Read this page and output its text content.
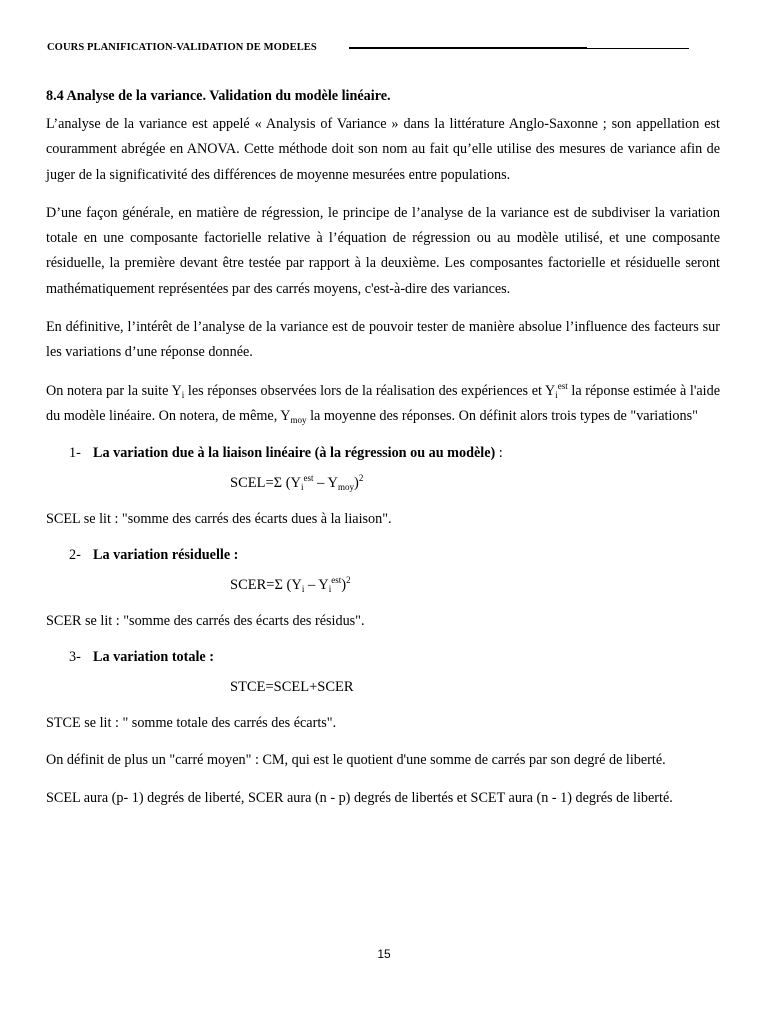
COURS PLANIFICATION-VALIDATION DE MODELES
8.4 Analyse de la variance. Validation du modèle linéaire.

L’analyse de la variance est appelé « Analysis of Variance » dans la littérature Anglo-Saxonne ; son appellation est couramment abrégée en ANOVA. Cette méthode doit son nom au fait qu’elle utilise des mesures de variance afin de juger de la significativité des différences de moyenne mesurées entre populations.

D’une façon générale, en matière de régression, le principe de l’analyse de la variance est de subdiviser la variation totale en une composante factorielle relative à l’équation de régression ou au modèle utilisé, et une composante résiduelle, la première devant être testée par rapport à la deuxième. Les composantes factorielle et résiduelle seront mathématiquement représentées par des carrés moyens, c'est-à-dire des variances.

En définitive, l’intérêt de l’analyse de la variance est de pouvoir tester de manière absolue l’influence des facteurs sur les variations d’une réponse donnée.

On notera par la suite $Y_i$ les réponses observées lors de la réalisation des expériences et $Y_i^{est}$ la réponse estimée à l'aide du modèle linéaire. On notera, de même, $Y_{moy}$ la moyenne des réponses. On définit alors trois types de "variations"

1- La variation due à la liaison linéaire (à la régression ou au modèle) :
SCEL=Σ $(Y_i^{est} - Y_{moy})^2$
SCEL se lit : "somme des carrés des écarts dues à la liaison".
2- La variation résiduelle :
SCER=Σ $(Y_i - Y_i^{est})^2$
SCER se lit : "somme des carrés des écarts des résidus".
3- La variation totale :
STCE=SCEL+SCER
STCE se lit : " somme totale des carrés des écarts".

On définit de plus un "carré moyen" : CM, qui est le quotient d'une somme de carrés par son degré de liberté.

SCEL aura (p- 1) degrés de liberté, SCER aura (n - p) degrés de libertés et SCET aura (n - 1) degrés de liberté.

15
